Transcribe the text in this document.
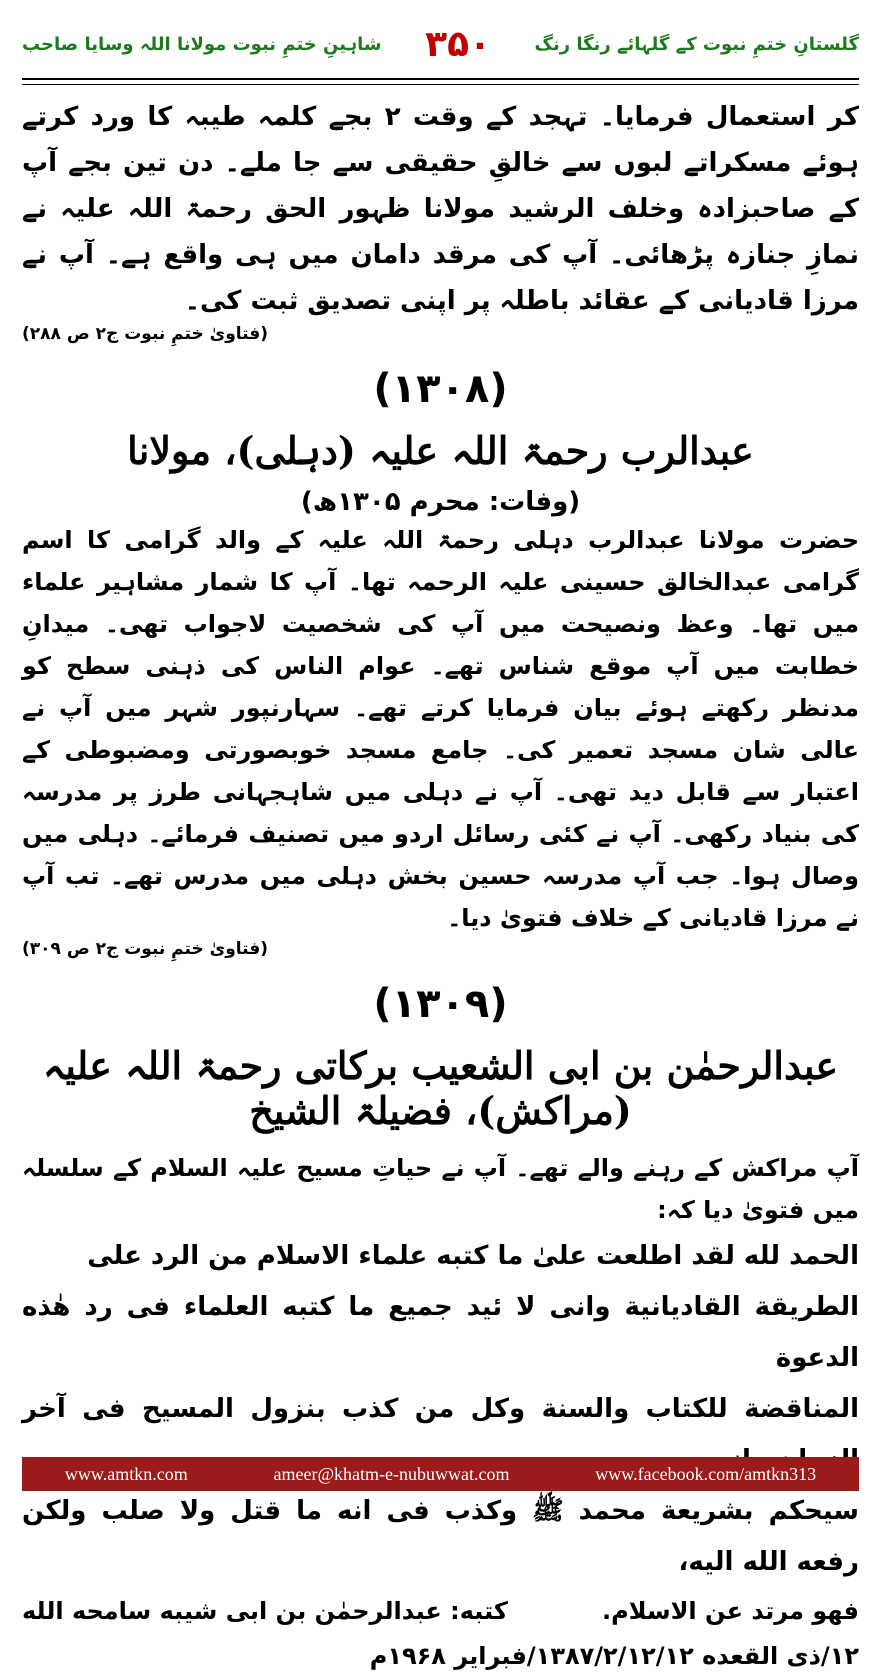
شاہینِ ختمِ نبوت مولانا اللہ وسایا صاحب ۳۵۰ گلستانِ ختمِ نبوت کے گلہائے رنگا رنگ

کر استعمال فرمایا۔ تہجد کے وقت ۲ بجے کلمہ طیبہ کا ورد کرتے ہوئے مسکراتے لبوں سے خالقِ حقیقی سے جا ملے۔ دن تین بجے آپ کے صاحبزادہ وخلف الرشید مولانا ظہور الحق رحمۃ اللہ علیہ نے نمازِ جنازہ پڑھائی۔ آپ کی مرقد دامان میں ہی واقع ہے۔ آپ نے مرزا قادیانی کے عقائد باطلہ پر اپنی تصدیق ثبت کی۔

(فتاویٰ ختمِ نبوت ج۲ ص ۲۸۸)
(۱۳۰۸)
عبدالرب رحمۃ اللہ علیہ (دہلی)، مولانا
(وفات: محرم ۱۳۰۵ھ)

حضرت مولانا عبدالرب دہلی رحمۃ اللہ علیہ کے والد گرامی کا اسم گرامی عبدالخالق حسینی علیہ الرحمہ تھا۔ آپ کا شمار مشاہیر علماء میں تھا۔ وعظ ونصیحت میں آپ کی شخصیت لاجواب تھی۔ میدانِ خطابت میں آپ موقع شناس تھے۔ عوام الناس کی ذہنی سطح کو مدنظر رکھتے ہوئے بیان فرمایا کرتے تھے۔ سہارنپور شہر میں آپ نے عالی شان مسجد تعمیر کی۔ جامع مسجد خوبصورتی ومضبوطی کے اعتبار سے قابل دید تھی۔ آپ نے دہلی میں شاہجہانی طرز پر مدرسہ کی بنیاد رکھی۔ آپ نے کئی رسائل اردو میں تصنیف فرمائے۔ دہلی میں وصال ہوا۔ جب آپ مدرسہ حسین بخش دہلی میں مدرس تھے۔ تب آپ نے مرزا قادیانی کے خلاف فتویٰ دیا۔

(فتاویٰ ختمِ نبوت ج۲ ص ۳۰۹)
(۱۳۰۹)
عبدالرحمٰن بن ابی الشعیب برکاتی رحمۃ اللہ علیہ (مراکش)، فضیلۃ الشیخ

آپ مراکش کے رہنے والے تھے۔ آپ نے حیاتِ مسیح علیہ السلام کے سلسلہ میں فتویٰ دیا کہ:

الحمد لله لقد اطلعت علىٰ ما كتبه علماء الاسلام من الرد على

الطريقة القاديانية وانى لا ئيد جميع ما كتبه العلماء فى رد هٰذه الدعوة

المناقضة للكتاب والسنة وكل من كذب بنزول المسيح فى آخر

سيحكم بشريعة محمد ﷺ وكذب فى انه ما قتل ولا صلب ولكن رفعه الله اليه،

فهو مرتد عن الاسلام.
كتبه: عبدالرحمٰن بن ابى شيبه سامحه الله
۱۲/ذی القعده ۱۳۸۷/۲/۱۲/۱۲/فبرایر ۱۹۶۸م
www.amtkn.com	ameer@khatm-e-nubuwwat.com	www.facebook.com/amtkn313
